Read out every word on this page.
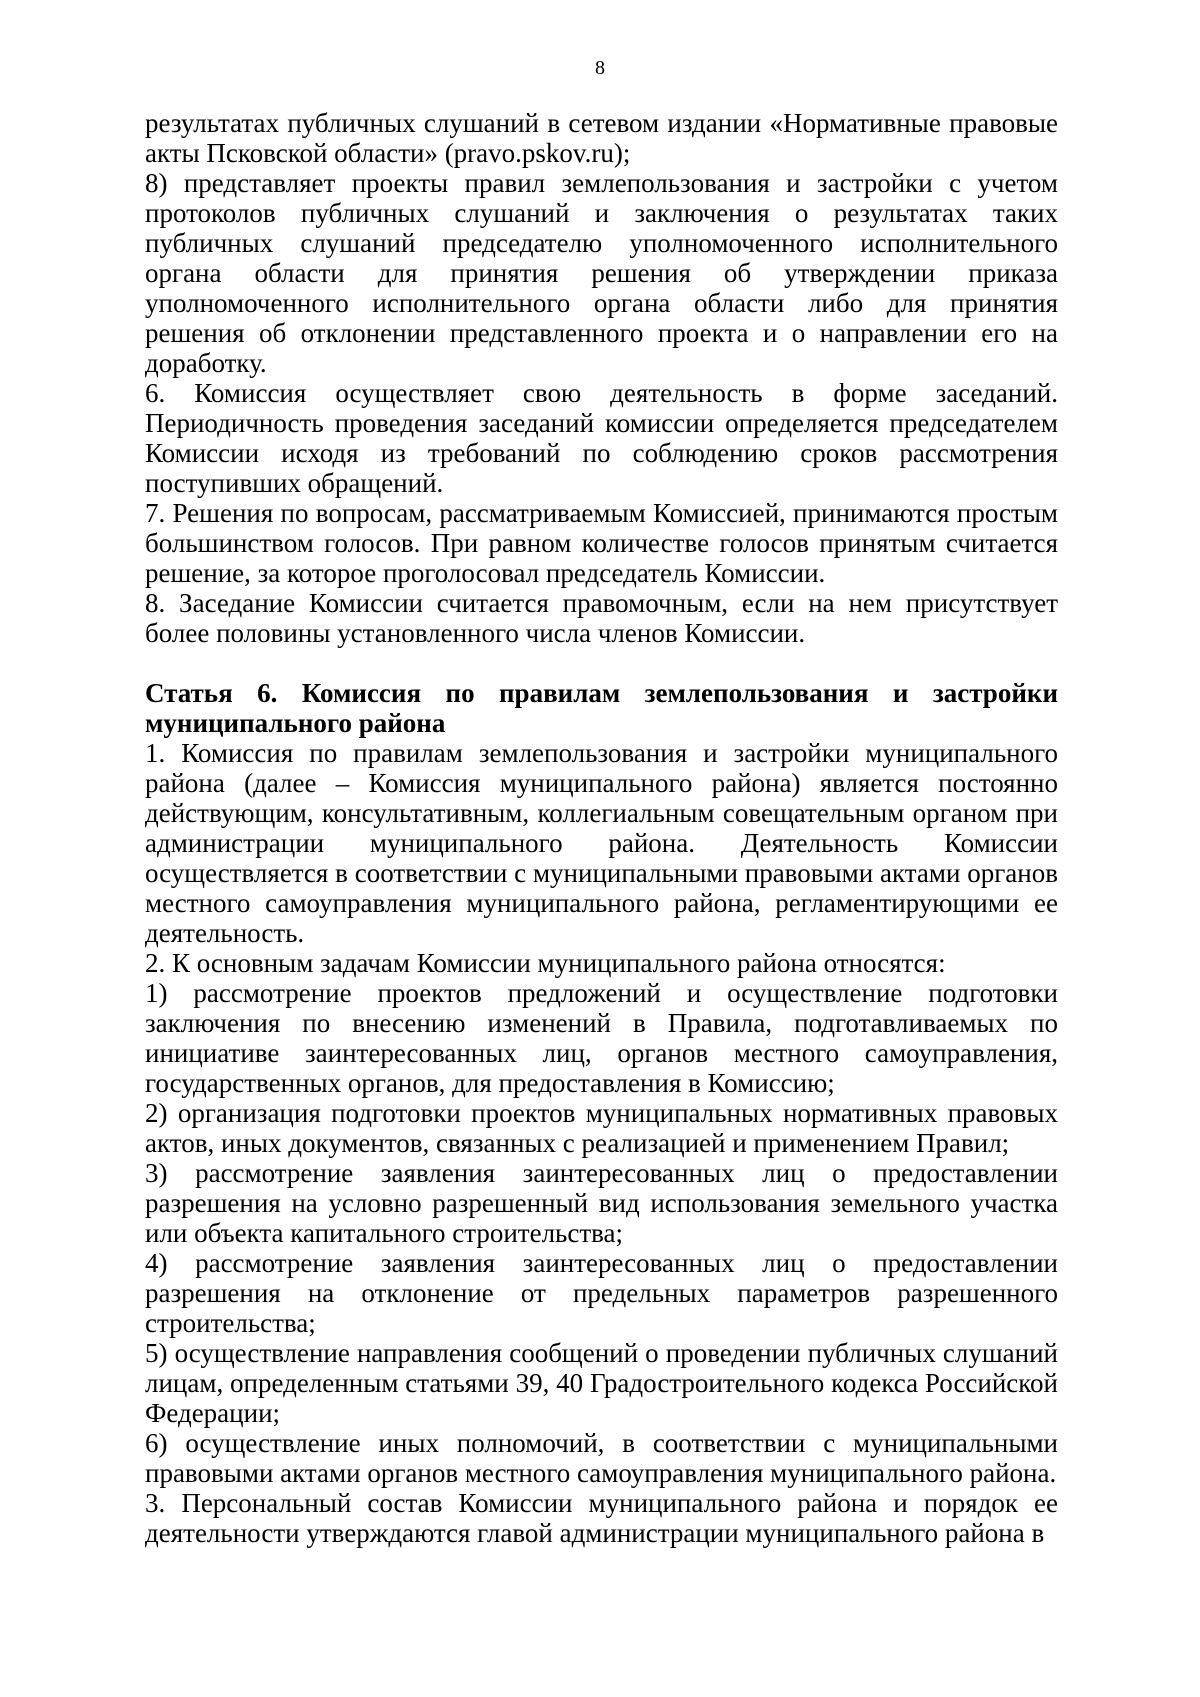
8

результатах публичных слушаний в сетевом издании «Нормативные правовые акты Псковской области» (pravo.pskov.ru);

8) представляет проекты правил землепользования и застройки с учетом протоколов публичных слушаний и заключения о результатах таких публичных слушаний председателю уполномоченного исполнительного органа области для принятия решения об утверждении приказа уполномоченного исполнительного органа области либо для принятия решения об отклонении представленного проекта и о направлении его на доработку.

6. Комиссия осуществляет свою деятельность в форме заседаний. Периодичность проведения заседаний комиссии определяется председателем Комиссии исходя из требований по соблюдению сроков рассмотрения поступивших обращений.

7. Решения по вопросам, рассматриваемым Комиссией, принимаются простым большинством голосов. При равном количестве голосов принятым считается решение, за которое проголосовал председатель Комиссии.

8. Заседание Комиссии считается правомочным, если на нем присутствует более половины установленного числа членов Комиссии.

Статья 6. Комиссия по правилам землепользования и застройки муниципального района

1. Комиссия по правилам землепользования и застройки муниципального района (далее – Комиссия муниципального района) является постоянно действующим, консультативным, коллегиальным совещательным органом при администрации муниципального района. Деятельность Комиссии осуществляется в соответствии с муниципальными правовыми актами органов местного самоуправления муниципального района, регламентирующими ее деятельность.

2. К основным задачам Комиссии муниципального района относятся:

1) рассмотрение проектов предложений и осуществление подготовки заключения по внесению изменений в Правила, подготавливаемых по инициативе заинтересованных лиц, органов местного самоуправления, государственных органов, для предоставления в Комиссию;

2) организация подготовки проектов муниципальных нормативных правовых актов, иных документов, связанных с реализацией и применением Правил;

3) рассмотрение заявления заинтересованных лиц о предоставлении разрешения на условно разрешенный вид использования земельного участка или объекта капитального строительства;

4) рассмотрение заявления заинтересованных лиц о предоставлении разрешения на отклонение от предельных параметров разрешенного строительства;

5) осуществление направления сообщений о проведении публичных слушаний лицам, определенным статьями 39, 40 Градостроительного кодекса Российской Федерации;

6) осуществление иных полномочий, в соответствии с муниципальными правовыми актами органов местного самоуправления муниципального района.

3. Персональный состав Комиссии муниципального района и порядок ее деятельности утверждаются главой администрации муниципального района в
